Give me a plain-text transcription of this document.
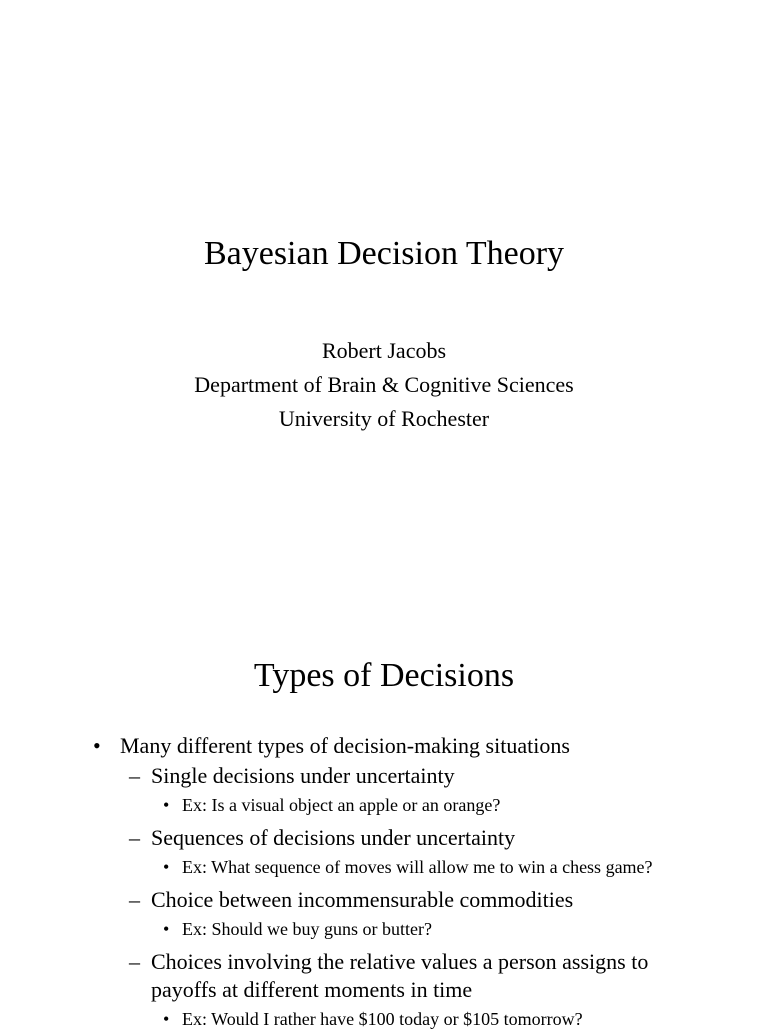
Bayesian Decision Theory
Robert Jacobs
Department of Brain & Cognitive Sciences
University of Rochester
Types of Decisions
• Many different types of decision-making situations
– Single decisions under uncertainty
• Ex: Is a visual object an apple or an orange?
– Sequences of decisions under uncertainty
• Ex: What sequence of moves will allow me to win a chess game?
– Choice between incommensurable commodities
• Ex: Should we buy guns or butter?
– Choices involving the relative values a person assigns to
payoffs at different moments in time
• Ex: Would I rather have $100 today or $105 tomorrow?
